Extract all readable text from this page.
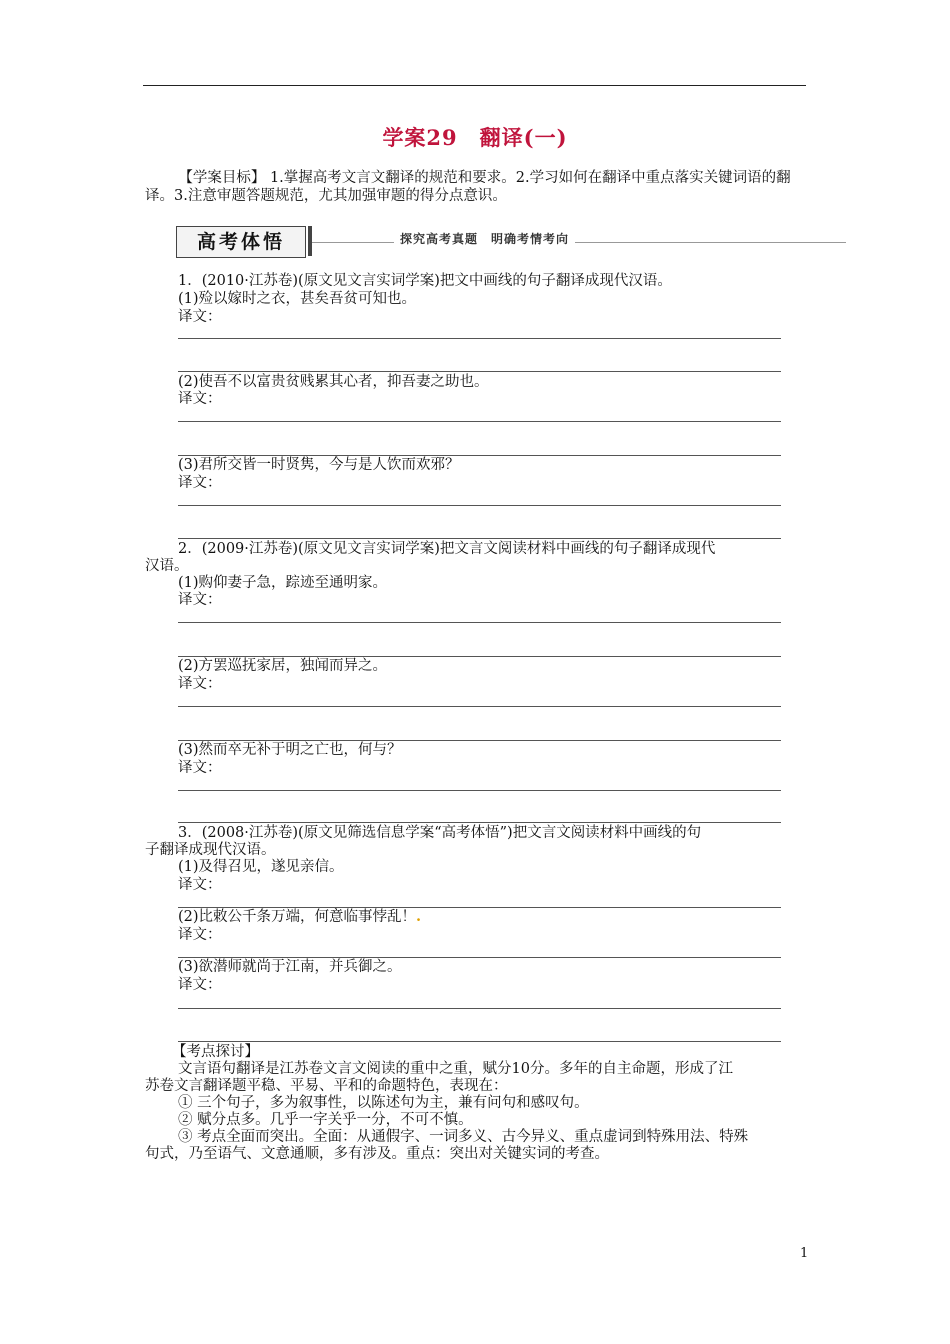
学案29　翻译(一)
【学案目标】 1.掌握高考文言文翻译的规范和要求。2.学习如何在翻译中重点落实关键词语的翻译。3.注意审题答题规范，尤其加强审题的得分点意识。
高考体悟	探究高考真题　明确考情考向
1．(2010·江苏卷)(原文见文言实词学案)把文中画线的句子翻译成现代汉语。
(1)殓以嫁时之衣，甚矣吾贫可知也。
译文：
(2)使吾不以富贵贫贱累其心者，抑吾妻之助也。
译文：
(3)君所交皆一时贤隽，今与是人饮而欢邪？
译文：
2．(2009·江苏卷)(原文见文言实词学案)把文言文阅读材料中画线的句子翻译成现代
汉语。
(1)购仰妻子急，踪迹至通明家。
译文：
(2)方罢巡抚家居，独闻而异之。
译文：
(3)然而卒无补于明之亡也，何与？
译文：
3．(2008·江苏卷)(原文见筛选信息学案“高考体悟”)把文言文阅读材料中画线的句
子翻译成现代汉语。
(1)及得召见，遂见亲信。
译文：
(2)比敕公千条万端，何意临事悖乱！.
译文：
(3)欲潜师就尚于江南，并兵御之。
译文：
【考点探讨】
文言语句翻译是江苏卷文言文阅读的重中之重，赋分10分。多年的自主命题，形成了江
苏卷文言翻译题平稳、平易、平和的命题特色，表现在：
① 三个句子，多为叙事性，以陈述句为主，兼有问句和感叹句。
② 赋分点多。几乎一字关乎一分，不可不慎。
③ 考点全面而突出。全面：从通假字、一词多义、古今异义、重点虚词到特殊用法、特殊
句式，乃至语气、文意通顺，多有涉及。重点：突出对关键实词的考查。
1
